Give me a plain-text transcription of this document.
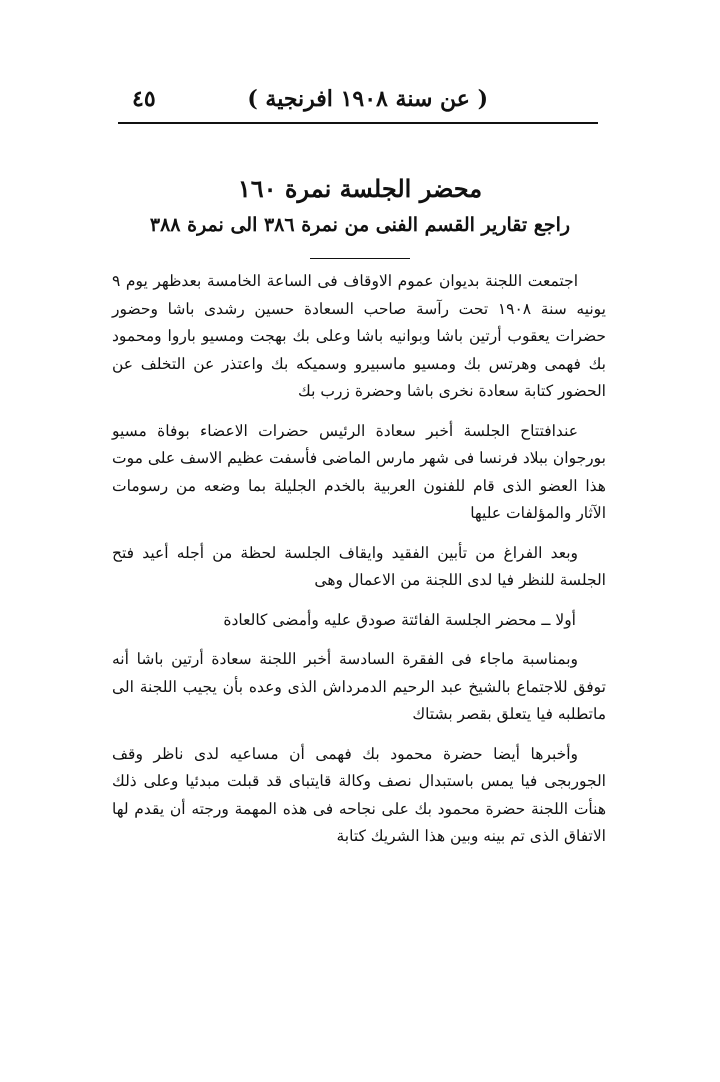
( عن سنة ١٩٠٨ افرنجية )
٤٥
محضر الجلسة نمرة ١٦٠
راجع تقارير القسم الفنى من نمرة ٣٨٦ الى نمرة ٣٨٨

اجتمعت اللجنة بديوان عموم الاوقاف فى الساعة الخامسة بعدظهر يوم ٩ يونيه سنة ١٩٠٨ تحت رآسة صاحب السعادة حسين رشدى باشا وحضور حضرات يعقوب أرتين باشا وبوانيه باشا وعلى بك بهجت ومسيو باروا ومحمود بك فهمى وهرتس بك ومسيو ماسبيرو وسميكه بك واعتذر عن التخلف عن الحضور كتابة سعادة نخرى باشا وحضرة زرب بك

عندافتتاح الجلسة أخبر سعادة الرئيس حضرات الاعضاء بوفاة مسيو بورجوان ببلاد فرنسا فى شهر مارس الماضى فأسفت عظيم الاسف على موت هذا العضو الذى قام للفنون العربية بالخدم الجليلة بما وضعه من رسومات الآثار والمؤلفات عليها

وبعد الفراغ من تأبين الفقيد وايقاف الجلسة لحظة من أجله أعيد فتح الجلسة للنظر فيا لدى اللجنة من الاعمال وهى

أولا ــ محضر الجلسة الفائتة صودق عليه وأمضى كالعادة

وبمناسبة ماجاء فى الفقرة السادسة أخبر اللجنة سعادة أرتين باشا أنه توفق للاجتماع بالشيخ عبد الرحيم الدمرداش الذى وعده بأن يجيب اللجنة الى ماتطلبه فيا يتعلق بقصر بشتاك

وأخبرها أيضا حضرة محمود بك فهمى أن مساعيه لدى ناظر وقف الجوربجى فيا يمس باستبدال نصف وكالة قايتباى قد قبلت مبدئيا وعلى ذلك هنأت اللجنة حضرة محمود بك على نجاحه فى هذه المهمة ورجته أن يقدم لها الاتفاق الذى تم بينه وبين هذا الشريك كتابة
